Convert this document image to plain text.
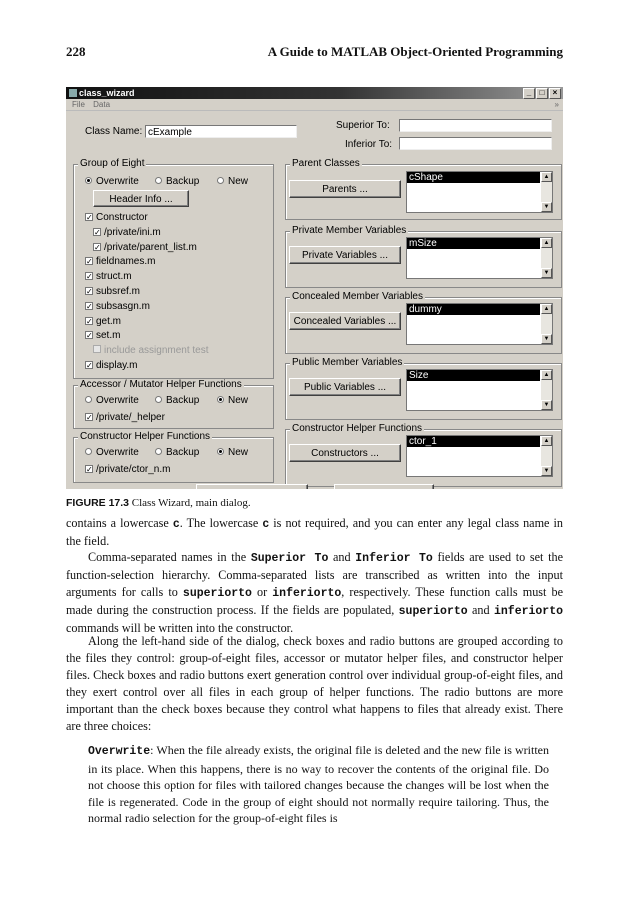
228	A Guide to MATLAB Object-Oriented Programming
class_wizard	_ □ ×
File Data	»
Class Name: cExample
Superior To:
Inferior To:
Group of Eight
Overwrite	Backup	New
Header Info ...
✓ Constructor
✓ /private/ini.m
✓ /private/parent_list.m
✓ fieldnames.m
✓ struct.m
✓ subsref.m
✓ subsasgn.m
✓ get.m
✓ set.m
include assignment test
✓ display.m
Accessor / Mutator Helper Functions
Overwrite	Backup	New
✓ /private/_helper
Constructor Helper Functions
Overwrite	Backup	New
✓ /private/ctor_n.m
Parent Classes
Parents ...
cShape	▲
▼
Private Member Variables
Private Variables ...
mSize	▲
▼
Concealed Member Variables
Concealed Variables ...
dummy	▲
▼
Public Member Variables
Public Variables ...
Size	▲
▼
Constructor Helper Functions
Constructors ...
ctor_1	▲
▼
FIGURE 17.3 Class Wizard, main dialog.
contains a lowercase c. The lowercase c is not required, and you can enter any legal class name in the field.
Comma-separated names in the Superior To and Inferior To fields are used to set the function-selection hierarchy. Comma-separated lists are transcribed as written into the input arguments for calls to superiorto or inferiorto, respectively. These function calls must be made during the construction process. If the fields are populated, superiorto and inferiorto commands will be written into the constructor.
Along the left-hand side of the dialog, check boxes and radio buttons are grouped according to the files they control: group-of-eight files, accessor or mutator helper files, and constructor helper files. Check boxes and radio buttons exert generation control over individual group-of-eight files, and they exert control over all files in each group of helper functions. The radio buttons are more important than the check boxes because they control what happens to files that already exist. There are three choices:
Overwrite: When the file already exists, the original file is deleted and the new file is written in its place. When this happens, there is no way to recover the contents of the original file. Do not choose this option for files with tailored changes because the changes will be lost when the file is regenerated. Code in the group of eight should not normally require tailoring. Thus, the normal radio selection for the group-of-eight files is
